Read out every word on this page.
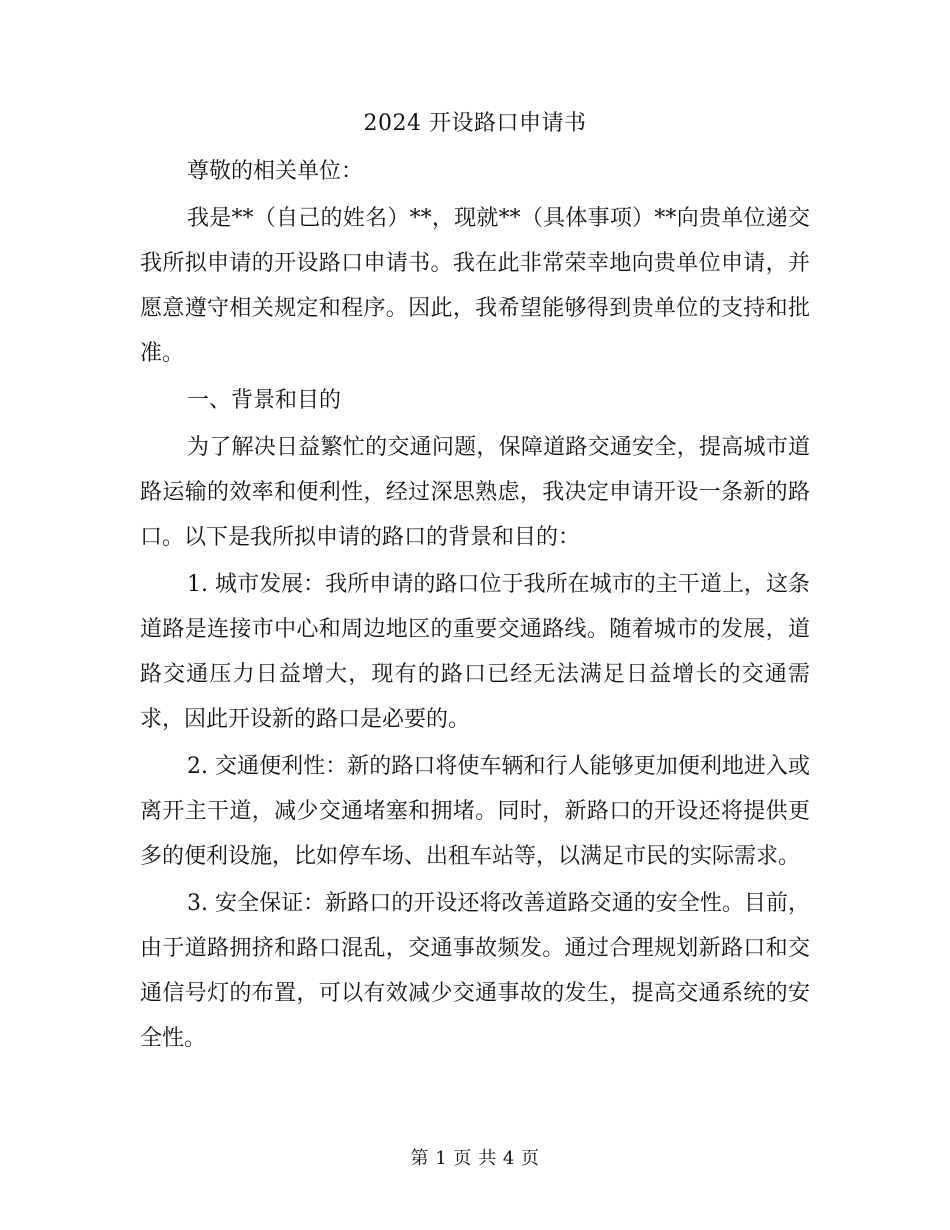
2024 开设路口申请书

尊敬的相关单位：

我是**（自己的姓名）**，现就**（具体事项）**向贵单位递交我所拟申请的开设路口申请书。我在此非常荣幸地向贵单位申请，并愿意遵守相关规定和程序。因此，我希望能够得到贵单位的支持和批准。

一、背景和目的

为了解决日益繁忙的交通问题，保障道路交通安全，提高城市道路运输的效率和便利性，经过深思熟虑，我决定申请开设一条新的路口。以下是我所拟申请的路口的背景和目的：

1. 城市发展：我所申请的路口位于我所在城市的主干道上，这条道路是连接市中心和周边地区的重要交通路线。随着城市的发展，道路交通压力日益增大，现有的路口已经无法满足日益增长的交通需求，因此开设新的路口是必要的。

2. 交通便利性：新的路口将使车辆和行人能够更加便利地进入或离开主干道，减少交通堵塞和拥堵。同时，新路口的开设还将提供更多的便利设施，比如停车场、出租车站等，以满足市民的实际需求。

3. 安全保证：新路口的开设还将改善道路交通的安全性。目前，由于道路拥挤和路口混乱，交通事故频发。通过合理规划新路口和交通信号灯的布置，可以有效减少交通事故的发生，提高交通系统的安全性。

第 1 页 共 4 页
